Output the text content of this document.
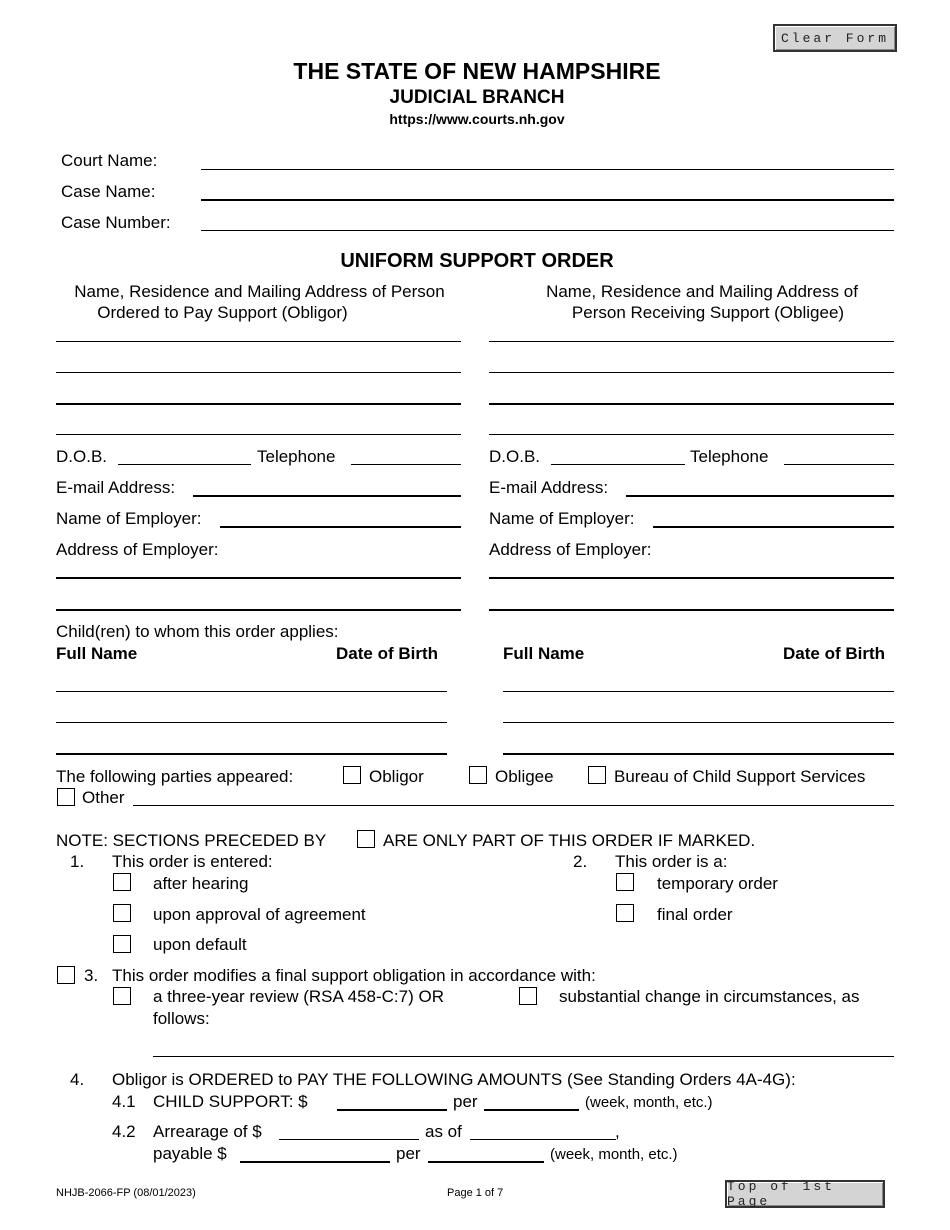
Clear Form
Top of 1st Page
THE STATE OF NEW HAMPSHIRE
JUDICIAL BRANCH
https://www.courts.nh.gov
Court Name:
Case Name:
Case Number:
UNIFORM SUPPORT ORDER
Name, Residence and Mailing Address of Person
Ordered to Pay Support (Obligor)
D.O.B.	Telephone
E-mail Address:
Name of Employer:
Address of Employer:
Name, Residence and Mailing Address of
Person Receiving Support (Obligee)
D.O.B.	Telephone
E-mail Address:
Name of Employer:
Address of Employer:
Child(ren) to whom this order applies:
Full Name	Date of Birth	Full Name	Date of Birth
The following parties appeared:	Obligor	Obligee	Bureau of Child Support Services
Other
NOTE: SECTIONS PRECEDED BY	ARE ONLY PART OF THIS ORDER IF MARKED.
1. This order is entered:
after hearing
upon approval of agreement
upon default
2. This order is a:
temporary order
final order
3. This order modifies a final support obligation in accordance with:
a three-year review (RSA 458-C:7) OR
follows:
substantial change in circumstances, as
4. Obligor is ORDERED to PAY THE FOLLOWING AMOUNTS (See Standing Orders 4A-4G):
4.1 CHILD SUPPORT: $	per	(week, month, etc.)
4.2 Arrearage of $	as of	,
payable $	per	(week, month, etc.)
NHJB-2066-FP (08/01/2023)	Page 1 of 7
